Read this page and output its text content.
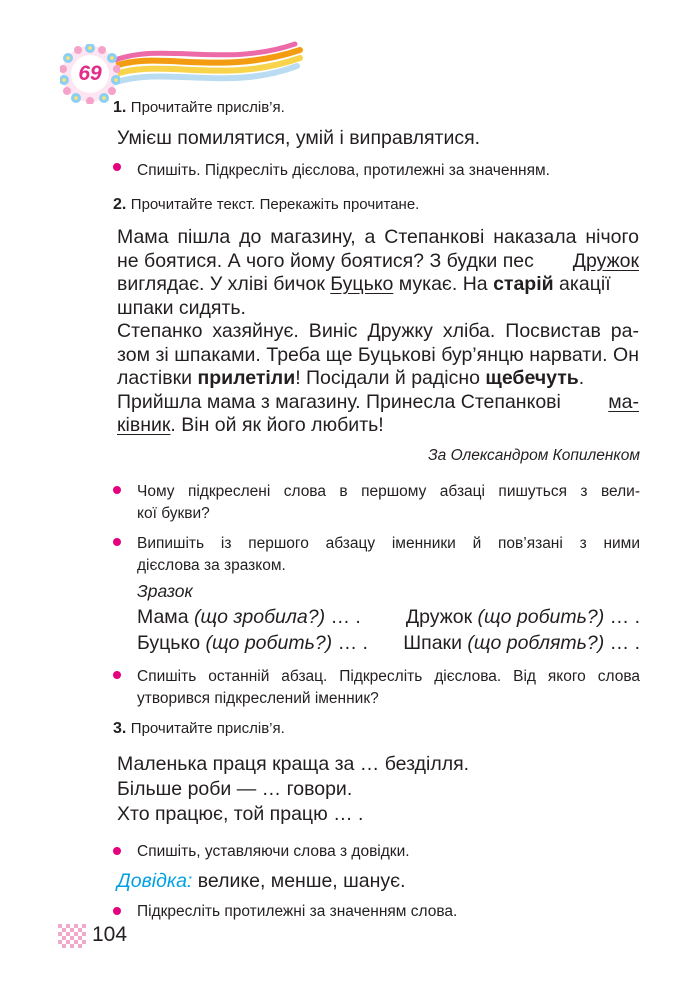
69
1. Прочитайте прислів’я.
Умієш помилятися, умій і виправлятися.
Спишіть. Підкресліть дієслова, протилежні за значенням.
2. Прочитайте текст. Перекажіть прочитане.
Мама пішла до магазину, а Степанкові наказала нічого
не боятися. А чого йому боятися? З будки пес Дружок
виглядає. У хліві бичок Буцько мукає. На старій акації
шпаки сидять.
Степанко хазяйнує. Виніс Дружку хліба. Посвистав ра-
зом зі шпаками. Треба ще Буцькові бур’янцю нарвати. Он
ластівки прилетіли! Посідали й радісно щебечуть.
Прийшла мама з магазину. Принесла Степанкові ма-
ківник. Він ой як його любить!
За Олександром Копиленком
Чому підкреслені слова в першому абзаці пишуться з вели-
кої букви?
Випишіть із першого абзацу іменники й пов’язані з ними
дієслова за зразком.
Зразок
Мама (що зробила?) … . Дружок (що робить?) … .
Буцько (що робить?) … . Шпаки (що роблять?) … .
Спишіть останній абзац. Підкресліть дієслова. Від якого слова
утворився підкреслений іменник?
3. Прочитайте прислів’я.
Маленька праця краща за … безділля.
Більше роби — … говори.
Хто працює, той працю … .
Спишіть, уставляючи слова з довідки.
Довідка: велике, менше, шанує.
Підкресліть протилежні за значенням слова.
104
